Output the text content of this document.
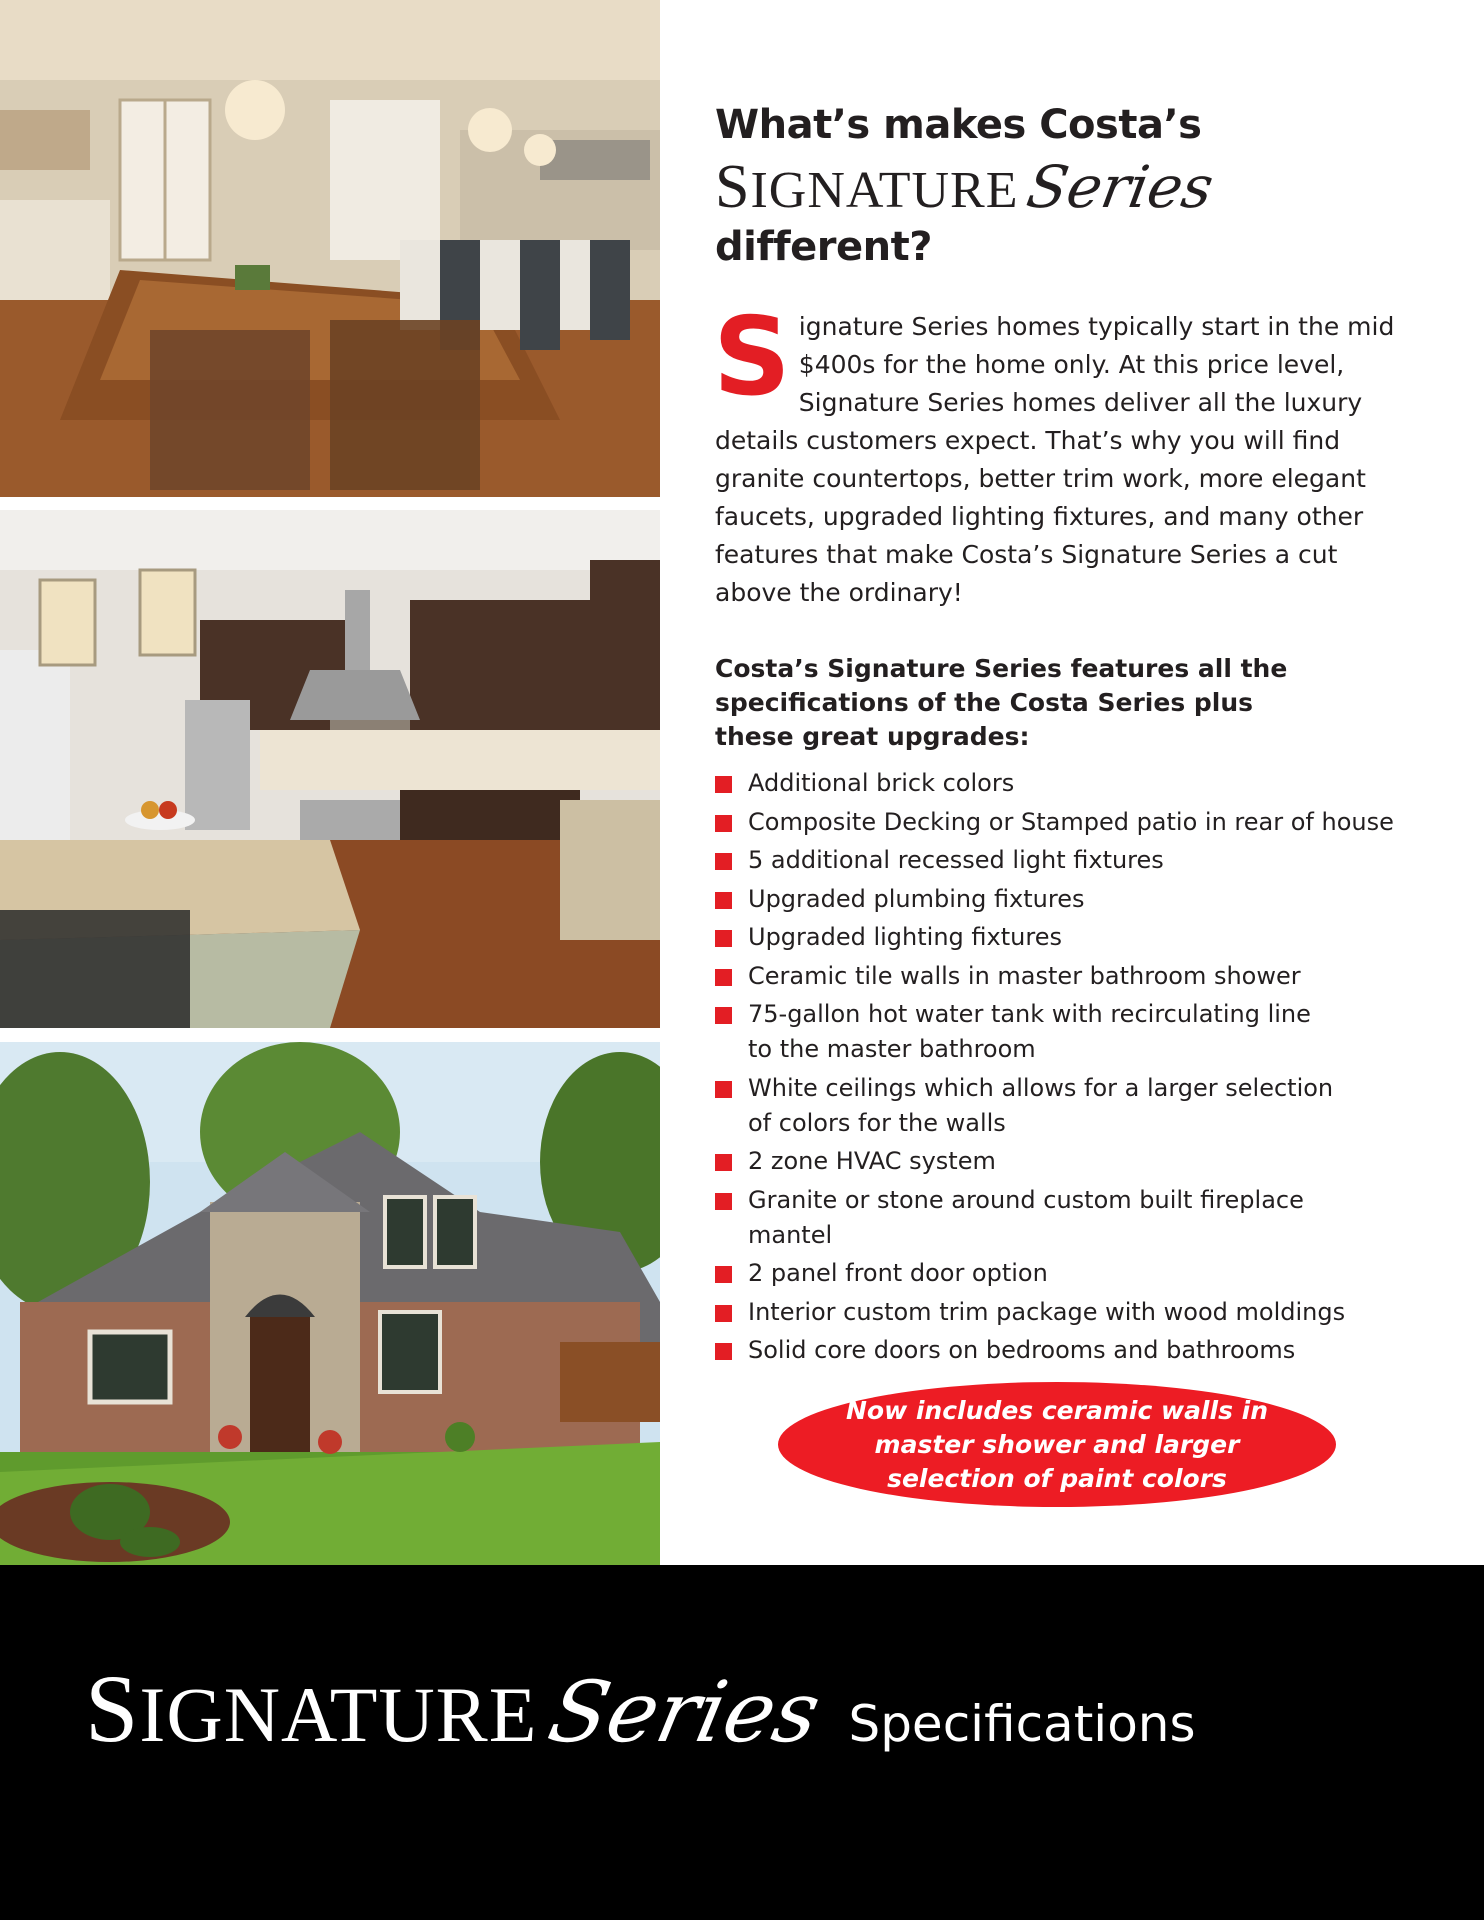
What’s makes Costa’s
SIGNATURE Series
different?
Signature Series homes typically start in the mid $400s for the home only. At this price level, Signature Series homes deliver all the luxury details customers expect. That’s why you will find granite countertops, better trim work, more elegant faucets, upgraded lighting fixtures, and many other features that make Costa’s Signature Series a cut above the ordinary!
Costa’s Signature Series features all the specifications of the Costa Series plus these great upgrades:
Additional brick colors
Composite Decking or Stamped patio in rear of house
5 additional recessed light fixtures
Upgraded plumbing fixtures
Upgraded lighting fixtures
Ceramic tile walls in master bathroom shower
75-gallon hot water tank with recirculating line to the master bathroom
White ceilings which allows for a larger selection of colors for the walls
2 zone HVAC system
Granite or stone around custom built fireplace mantel
2 panel front door option
Interior custom trim package with wood moldings
Solid core doors on bedrooms and bathrooms
Now includes ceramic walls in master shower and larger selection of paint colors
SIGNATURE Series Specifications
